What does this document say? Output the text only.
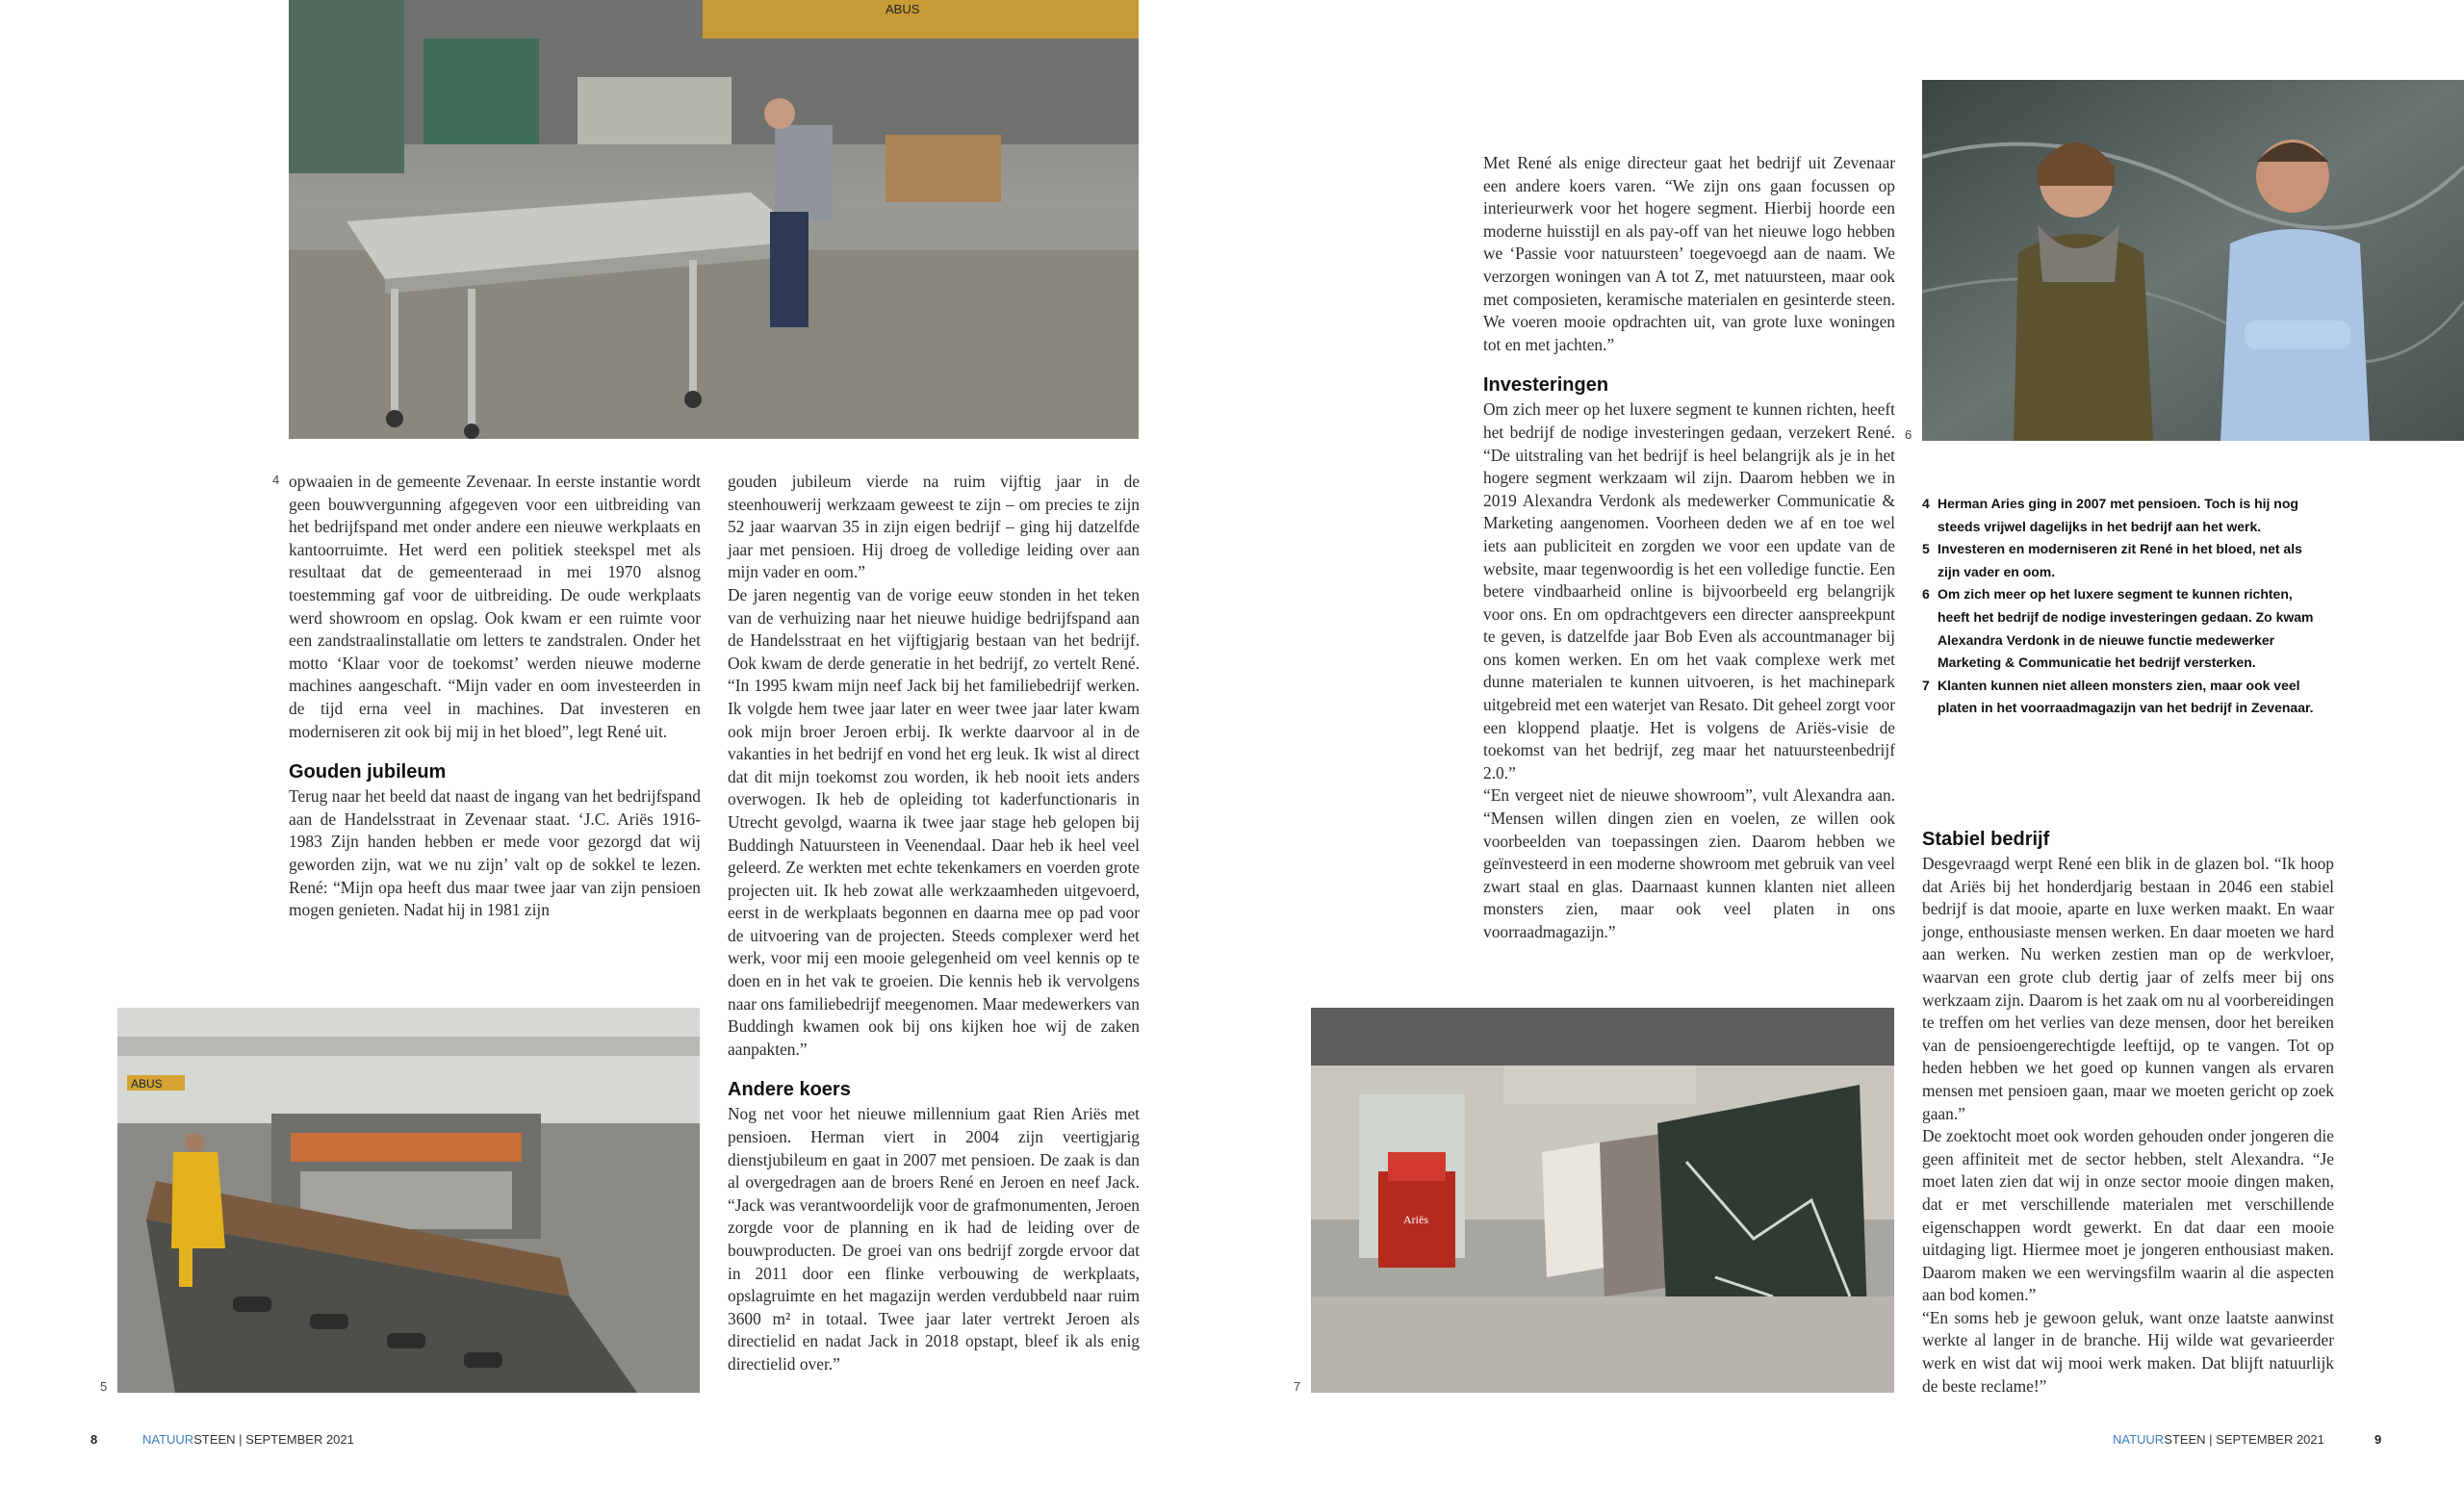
ABUS
4 opwaaien in de gemeente Zevenaar. In eerste instantie wordt geen bouwvergunning afgegeven voor een uitbreiding van het bedrijfspand met onder andere een nieuwe werkplaats en kantoorruimte. Het werd een politiek steekspel met als resultaat dat de gemeenteraad in mei 1970 alsnog toestemming gaf voor de uitbreiding. De oude werkplaats werd showroom en opslag. Ook kwam er een ruimte voor een zandstraalinstallatie om letters te zandstralen. Onder het motto ‘Klaar voor de toekomst’ werden nieuwe moderne machines aangeschaft. “Mijn vader en oom investeerden in de tijd erna veel in machines. Dat investeren en moderniseren zit ook bij mij in het bloed”, legt René uit.

Gouden jubileum

Terug naar het beeld dat naast de ingang van het bedrijfspand aan de Handelsstraat in Zevenaar staat. ‘J.C. Ariës 1916-1983 Zijn handen hebben er mede voor gezorgd dat wij geworden zijn, wat we nu zijn’ valt op de sokkel te lezen. René: “Mijn opa heeft dus maar twee jaar van zijn pensioen mogen genieten. Nadat hij in 1981 zijn

ABUS
5

gouden jubileum vierde na ruim vijftig jaar in de steenhouwerij werkzaam geweest te zijn – om precies te zijn 52 jaar waarvan 35 in zijn eigen bedrijf – ging hij datzelfde jaar met pensioen. Hij droeg de volledige leiding over aan mijn vader en oom.”

De jaren negentig van de vorige eeuw stonden in het teken van de verhuizing naar het nieuwe huidige bedrijfspand aan de Handelsstraat en het vijftigjarig bestaan van het bedrijf. Ook kwam de derde generatie in het bedrijf, zo vertelt René. “In 1995 kwam mijn neef Jack bij het familiebedrijf werken. Ik volgde hem twee jaar later en weer twee jaar later kwam ook mijn broer Jeroen erbij. Ik werkte daarvoor al in de vakanties in het bedrijf en vond het erg leuk. Ik wist al direct dat dit mijn toekomst zou worden, ik heb nooit iets anders overwogen. Ik heb de opleiding tot kaderfunctionaris in Utrecht gevolgd, waarna ik twee jaar stage heb gelopen bij Buddingh Natuursteen in Veenendaal. Daar heb ik heel veel geleerd. Ze werkten met echte tekenkamers en voerden grote projecten uit. Ik heb zowat alle werkzaamheden uitgevoerd, eerst in de werkplaats begonnen en daarna mee op pad voor de uitvoering van de projecten. Steeds complexer werd het werk, voor mij een mooie gelegenheid om veel kennis op te doen en in het vak te groeien. Die kennis heb ik vervolgens naar ons familiebedrijf meegenomen. Maar medewerkers van Buddingh kwamen ook bij ons kijken hoe wij de zaken aanpakten.”

Andere koers

Nog net voor het nieuwe millennium gaat Rien Ariës met pensioen. Herman viert in 2004 zijn veertigjarig dienstjubileum en gaat in 2007 met pensioen. De zaak is dan al overgedragen aan de broers René en Jeroen en neef Jack. “Jack was verantwoordelijk voor de grafmonumenten, Jeroen zorgde voor de planning en ik had de leiding over de bouwproducten. De groei van ons bedrijf zorgde ervoor dat in 2011 door een flinke verbouwing de werkplaats, opslagruimte en het magazijn werden verdubbeld naar ruim 3600 m² in totaal. Twee jaar later vertrekt Jeroen als directielid en nadat Jack in 2018 opstapt, bleef ik als enig directielid over.”

Met René als enige directeur gaat het bedrijf uit Zevenaar een andere koers varen. “We zijn ons gaan focussen op interieurwerk voor het hogere segment. Hierbij hoorde een moderne huisstijl en als pay-off van het nieuwe logo hebben we ‘Passie voor natuursteen’ toegevoegd aan de naam. We verzorgen woningen van A tot Z, met natuursteen, maar ook met composieten, keramische materialen en gesinterde steen. We voeren mooie opdrachten uit, van grote luxe woningen tot en met jachten.”

Investeringen

Om zich meer op het luxere segment te kunnen richten, heeft het bedrijf de nodige investeringen gedaan, verzekert René. “De uitstraling van het bedrijf is heel belangrijk als je in het hogere segment werkzaam wil zijn. Daarom hebben we in 2019 Alexandra Verdonk als medewerker Communicatie & Marketing aangenomen. Voorheen deden we af en toe wel iets aan publiciteit en zorgden we voor een update van de website, maar tegenwoordig is het een volledige functie. Een betere vindbaarheid online is bijvoorbeeld erg belangrijk voor ons. En om opdrachtgevers een directer aanspreekpunt te geven, is datzelfde jaar Bob Even als accountmanager bij ons komen werken. En om het vaak complexe werk met dunne materialen te kunnen uitvoeren, is het machinepark uitgebreid met een waterjet van Resato. Dit geheel zorgt voor een kloppend plaatje. Het is volgens de Ariës-visie de toekomst van het bedrijf, zeg maar het natuursteenbedrijf 2.0.”

“En vergeet niet de nieuwe showroom”, vult Alexandra aan. “Mensen willen dingen zien en voelen, ze willen ook voorbeelden van toepassingen zien. Daarom hebben we geïnvesteerd in een moderne showroom met gebruik van veel zwart staal en glas. Daarnaast kunnen klanten niet alleen monsters zien, maar ook veel platen in ons voorraadmagazijn.”

Ariës
7
6
4 Herman Aries ging in 2007 met pensioen. Toch is hij nog steeds vrijwel dagelijks in het bedrijf aan het werk.
5 Investeren en moderniseren zit René in het bloed, net als zijn vader en oom.
6 Om zich meer op het luxere segment te kunnen richten, heeft het bedrijf de nodige investeringen gedaan. Zo kwam Alexandra Verdonk in de nieuwe functie medewerker Marketing & Communicatie het bedrijf versterken.
7 Klanten kunnen niet alleen monsters zien, maar ook veel platen in het voorraadmagazijn van het bedrijf in Zevenaar.
Stabiel bedrijf

Desgevraagd werpt René een blik in de glazen bol. “Ik hoop dat Ariës bij het honderdjarig bestaan in 2046 een stabiel bedrijf is dat mooie, aparte en luxe werken maakt. En waar jonge, enthousiaste mensen werken. En daar moeten we hard aan werken. Nu werken zestien man op de werkvloer, waarvan een grote club dertig jaar of zelfs meer bij ons werkzaam zijn. Daarom is het zaak om nu al voorbereidingen te treffen om het verlies van deze mensen, door het bereiken van de pensioengerechtigde leeftijd, op te vangen. Tot op heden hebben we het goed op kunnen vangen als ervaren mensen met pensioen gaan, maar we moeten gericht op zoek gaan.”

De zoektocht moet ook worden gehouden onder jongeren die geen affiniteit met de sector hebben, stelt Alexandra. “Je moet laten zien dat wij in onze sector mooie dingen maken, dat er met verschillende materialen met verschillende eigenschappen wordt gewerkt. En dat daar een mooie uitdaging ligt. Hiermee moet je jongeren enthousiast maken. Daarom maken we een wervingsfilm waarin al die aspecten aan bod komen.”

“En soms heb je gewoon geluk, want onze laatste aanwinst werkte al langer in de branche. Hij wilde wat gevarieerder werk en wist dat wij mooi werk maken. Dat blijft natuurlijk de beste reclame!”

8	NATUURSTEEN | SEPTEMBER 2021	NATUURSTEEN | SEPTEMBER 2021	9
